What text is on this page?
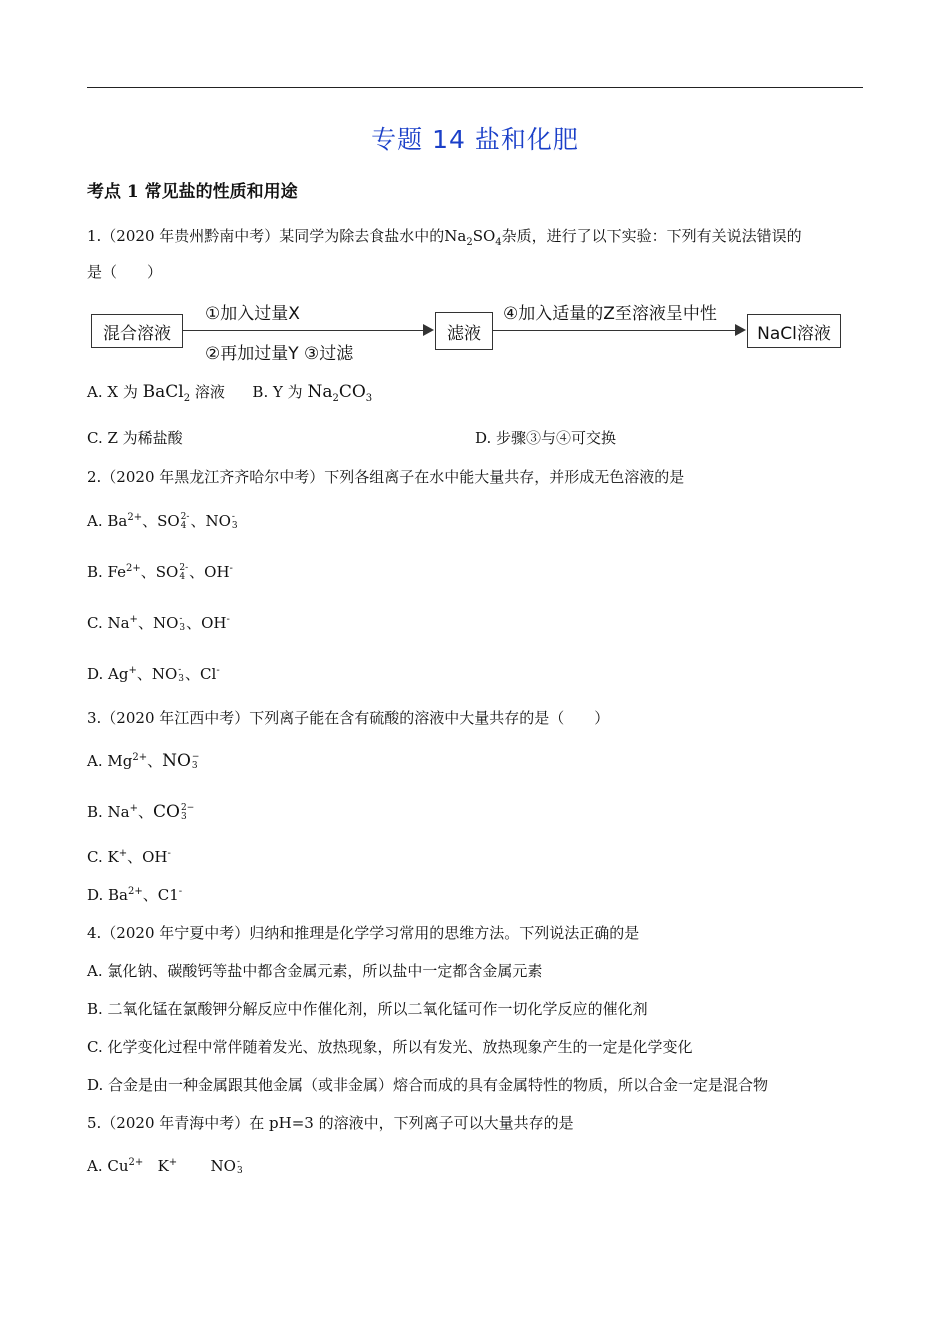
专题 14 盐和化肥
考点 1 常见盐的性质和用途
1.（2020 年贵州黔南中考）某同学为除去食盐水中的$Na_2SO_4$杂质，进行了以下实验：下列有关说法错误的
是（　　）
混合溶液
①加入过量X
②再加过量Y ③过滤
滤液
④加入适量的Z至溶液呈中性
NaCl溶液
A. X 为 BaCl$_2$ 溶液 B. Y 为 $Na_2CO_3$
C. Z 为稀盐酸	D. 步骤③与④可交换
2.（2020 年黑龙江齐齐哈尔中考）下列各组离子在水中能大量共存，并形成无色溶液的是
A. $Ba^{2+}$、SO 2-
4 、NO -
3
B. $Fe^{2+}$、SO 2-
4 、OH-
C. Na+、NO -
3 、OH-
D. Ag+、NO -
3 、Cl-
3.（2020 年江西中考）下列离子能在含有硫酸的溶液中大量共存的是（　　）
A. $Mg^{2+}$、NO −
3
B. Na+、CO 2−
3
C. K+、OH-
D. $Ba^{2+}$、C1-
4.（2020 年宁夏中考）归纳和推理是化学学习常用的思维方法。下列说法正确的是
A. 氯化钠、碳酸钙等盐中都含金属元素，所以盐中一定都含金属元素
B. 二氧化锰在氯酸钾分解反应中作催化剂，所以二氧化锰可作一切化学反应的催化剂
C. 化学变化过程中常伴随着发光、放热现象，所以有发光、放热现象产生的一定是化学变化
D. 合金是由一种金属跟其他金属（或非金属）熔合而成的具有金属特性的物质，所以合金一定是混合物
5.（2020 年青海中考）在 pH=3 的溶液中，下列离子可以大量共存的是
A. $Cu^{2+}$   K+       NO -
3
